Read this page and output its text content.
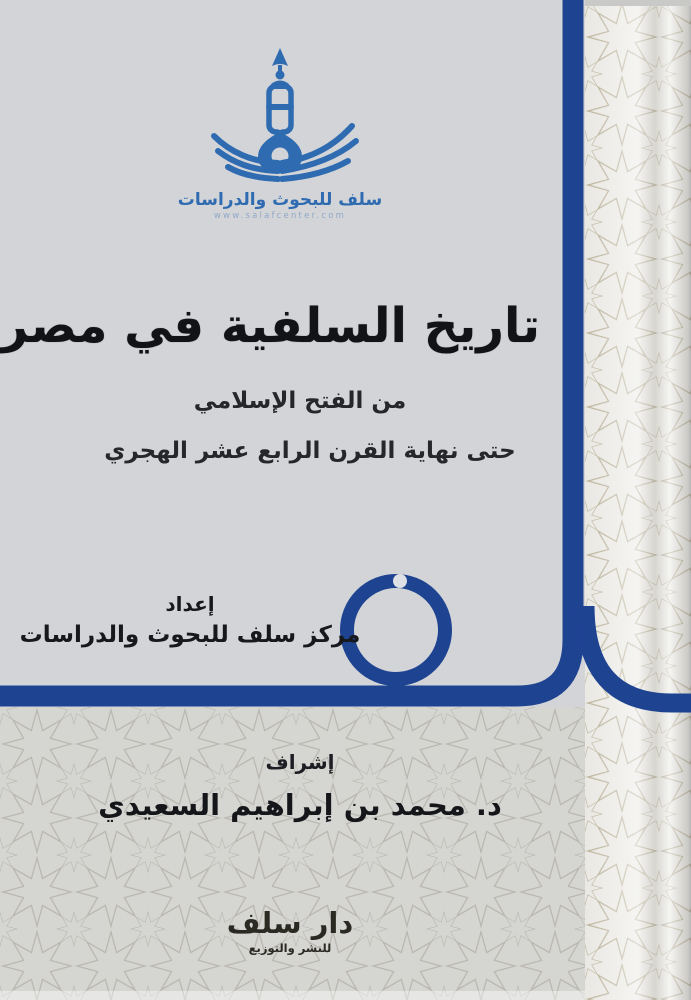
سلف للبحوث والدراسات
www.salafcenter.com
تاريخ السلفية في مصر
من الفتح الإسلامي
حتى نهاية القرن الرابع عشر الهجري
إعداد
مركز سلف للبحوث والدراسات
إشراف
د. محمد بن إبراهيم السعيدي
دار سلف
للنشر والتوزيع
